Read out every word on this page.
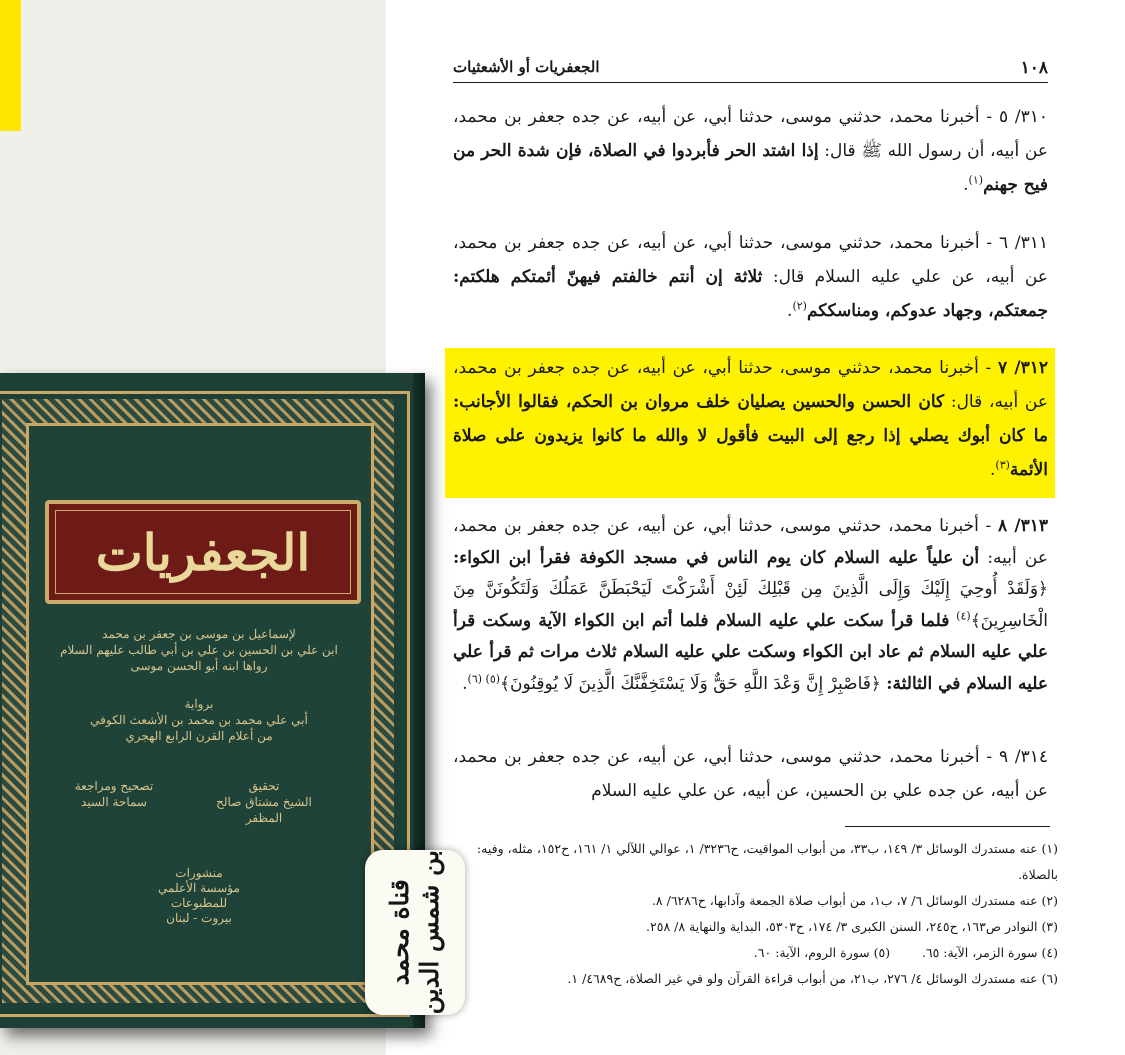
الجعفريات
لإسماعيل بن موسى بن جعفر بن محمد
ابن علي بن الحسين بن علي بن أبي طالب عليهم السلام
رواها ابنه أبو الحسن موسى
برواية
أبي علي محمد بن محمد بن الأشعث الكوفي
من أعلام القرن الرابع الهجري
تحقيق
الشيخ مشتاق صالح المظفر
تصحيح ومراجعة
سماحة السيد
منشورات
مؤسسة الأعلمي للمطبوعات
بيروت - لبنان	قناة محمد
بن شمس الدين
١٠٨
الجعفريات أو الأشعثيات
٣١٠/ ٥ - أخبرنا محمد، حدثني موسى، حدثنا أبي، عن أبيه، عن جده جعفر بن محمد، عن أبيه، أن رسول الله ﷺ قال: إذا اشتد الحر فأبردوا في الصلاة، فإن شدة الحر من فيح جهنم$^{(١)}$.
٣١١/ ٦ - أخبرنا محمد، حدثني موسى، حدثنا أبي، عن أبيه، عن جده جعفر بن محمد، عن أبيه، عن علي عليه السلام قال: ثلاثة إن أنتم خالفتم فيهنّ أئمتكم هلكتم: جمعتكم، وجهاد عدوكم، ومناسككم$^{(٢)}$.
٣١٢/ ٧ - أخبرنا محمد، حدثني موسى، حدثنا أبي، عن أبيه، عن جده جعفر بن محمد، عن أبيه، قال: كان الحسن والحسين يصليان خلف مروان بن الحكم، فقالوا الأجانب: ما كان أبوك يصلي إذا رجع إلى البيت فأقول لا والله ما كانوا يزيدون على صلاة الأئمة$^{(٣)}$.
٣١٣/ ٨ - أخبرنا محمد، حدثني موسى، حدثنا أبي، عن أبيه، عن جده جعفر بن محمد، عن أبيه: أن علياً عليه السلام كان يوم الناس في مسجد الكوفة فقرأ ابن الكواء: ﴿وَلَقَدْ أُوحِيَ إِلَيْكَ وَإِلَى الَّذِينَ مِن قَبْلِكَ لَئِنْ أَشْرَكْتَ لَيَحْبَطَنَّ عَمَلُكَ وَلَتَكُونَنَّ مِنَ الْخَاسِرِينَ﴾$^{(٤)}$ فلما قرأ سكت علي عليه السلام فلما أتم ابن الكواء الآية وسكت قرأ علي عليه السلام ثم عاد ابن الكواء وسكت علي عليه السلام ثلاث مرات ثم قرأ علي عليه السلام في الثالثة: ﴿فَاصْبِرْ إِنَّ وَعْدَ اللَّهِ حَقٌّ وَلَا يَسْتَخِفَّنَّكَ الَّذِينَ لَا يُوقِنُونَ﴾$^{(٥) (٦)}$.
٣١٤/ ٩ - أخبرنا محمد، حدثني موسى، حدثنا أبي، عن أبيه، عن جده جعفر بن محمد، عن أبيه، عن جده علي بن الحسين، عن أبيه، عن علي عليه السلام
(١) عنه مستدرك الوسائل ٣/ ١٤٩، ب٣٣، من أبواب المواقيت، ح٣٢٣٦/ ١، عوالي اللآلي ١/ ١٦١، ح١٥٢، مثله، وفيه: بالصلاة.
(٢) عنه مستدرك الوسائل ٦/ ٧، ب١، من أبواب صلاة الجمعة وآدابها، ح٦٢٨٦/ ٨.
(٣) النوادر ص١٦٣، ح٢٤٥، السنن الكبرى ٣/ ١٧٤، ح٥٣٠٣، البداية والنهاية ٨/ ٢٥٨.
(٤) سورة الزمر، الآية: ٦٥.        (٥) سورة الروم، الآية: ٦٠.
(٦) عنه مستدرك الوسائل ٤/ ٢٧٦، ب٢١، من أبواب قراءة القرآن ولو في غير الصلاة، ح٤٦٨٩/ ١.
